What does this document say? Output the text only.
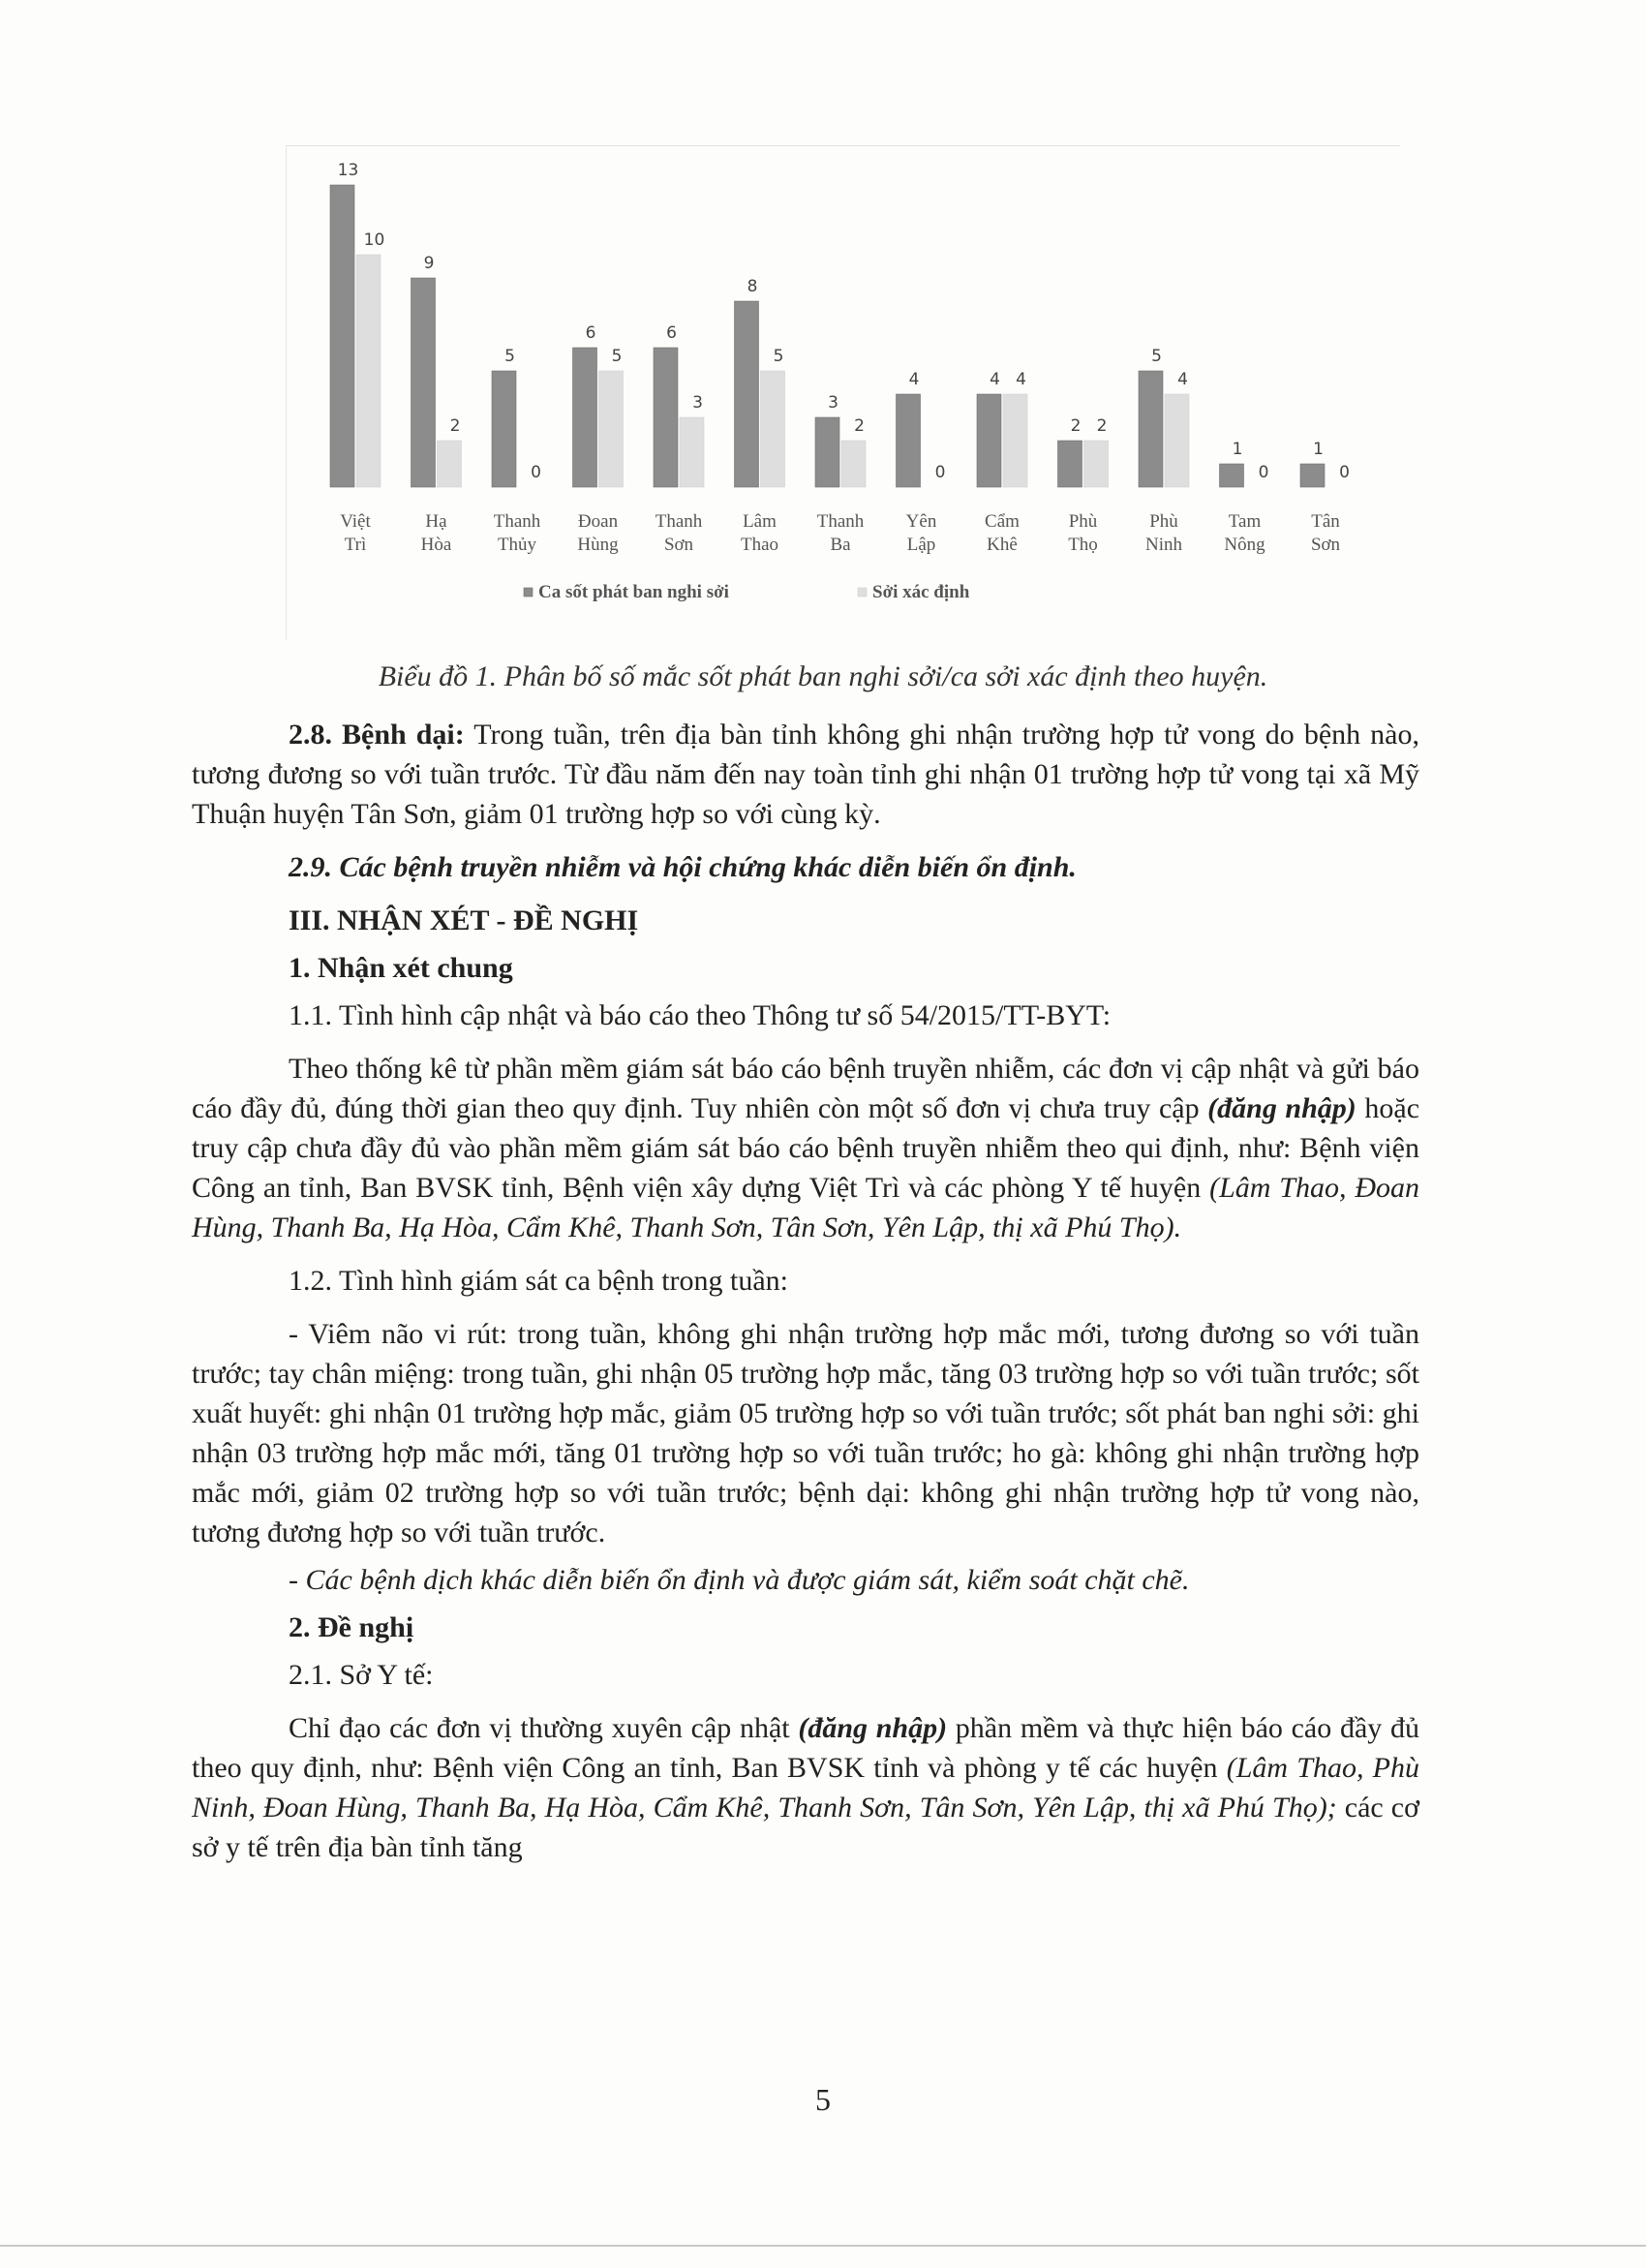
13
10
Việt
Trì
9
2
Hạ
Hòa
5
0
Thanh
Thủy
6
5
Đoan
Hùng
6
3
Thanh
Sơn
8
5
Lâm
Thao
3
2
Thanh
Ba
4
0
Yên
Lập
4 4
Cẩm
Khê
2 2
Phù
Thọ
5
4
Phù
Ninh
1
0
Tam
Nông
1
0
Tân
Sơn
Ca sốt phát ban nghi sởi	Sởi xác định
Biểu đồ 1. Phân bố số mắc sốt phát ban nghi sởi/ca sởi xác định theo huyện.

2.8. Bệnh dại: Trong tuần, trên địa bàn tỉnh không ghi nhận trường hợp tử vong do bệnh nào, tương đương so với tuần trước. Từ đầu năm đến nay toàn tỉnh ghi nhận 01 trường hợp tử vong tại xã Mỹ Thuận huyện Tân Sơn, giảm 01 trường hợp so với cùng kỳ.

2.9. Các bệnh truyền nhiễm và hội chứng khác diễn biến ổn định.

III. NHẬN XÉT - ĐỀ NGHỊ

1. Nhận xét chung

1.1. Tình hình cập nhật và báo cáo theo Thông tư số 54/2015/TT-BYT:

Theo thống kê từ phần mềm giám sát báo cáo bệnh truyền nhiễm, các đơn vị cập nhật và gửi báo cáo đầy đủ, đúng thời gian theo quy định. Tuy nhiên còn một số đơn vị chưa truy cập (đăng nhập) hoặc truy cập chưa đầy đủ vào phần mềm giám sát báo cáo bệnh truyền nhiễm theo qui định, như: Bệnh viện Công an tỉnh, Ban BVSK tỉnh, Bệnh viện xây dựng Việt Trì và các phòng Y tế huyện (Lâm Thao, Đoan Hùng, Thanh Ba, Hạ Hòa, Cẩm Khê, Thanh Sơn, Tân Sơn, Yên Lập, thị xã Phú Thọ).

1.2. Tình hình giám sát ca bệnh trong tuần:

- Viêm não vi rút: trong tuần, không ghi nhận trường hợp mắc mới, tương đương so với tuần trước; tay chân miệng: trong tuần, ghi nhận 05 trường hợp mắc, tăng 03 trường hợp so với tuần trước; sốt xuất huyết: ghi nhận 01 trường hợp mắc, giảm 05 trường hợp so với tuần trước; sốt phát ban nghi sởi: ghi nhận 03 trường hợp mắc mới, tăng 01 trường hợp so với tuần trước; ho gà: không ghi nhận trường hợp mắc mới, giảm 02 trường hợp so với tuần trước; bệnh dại: không ghi nhận trường hợp tử vong nào, tương đương hợp so với tuần trước.

- Các bệnh dịch khác diễn biến ổn định và được giám sát, kiểm soát chặt chẽ.

2. Đề nghị

2.1. Sở Y tế:

Chỉ đạo các đơn vị thường xuyên cập nhật (đăng nhập) phần mềm và thực hiện báo cáo đầy đủ theo quy định, như: Bệnh viện Công an tỉnh, Ban BVSK tỉnh và phòng y tế các huyện (Lâm Thao, Phù Ninh, Đoan Hùng, Thanh Ba, Hạ Hòa, Cẩm Khê, Thanh Sơn, Tân Sơn, Yên Lập, thị xã Phú Thọ); các cơ sở y tế trên địa bàn tỉnh tăng

5
